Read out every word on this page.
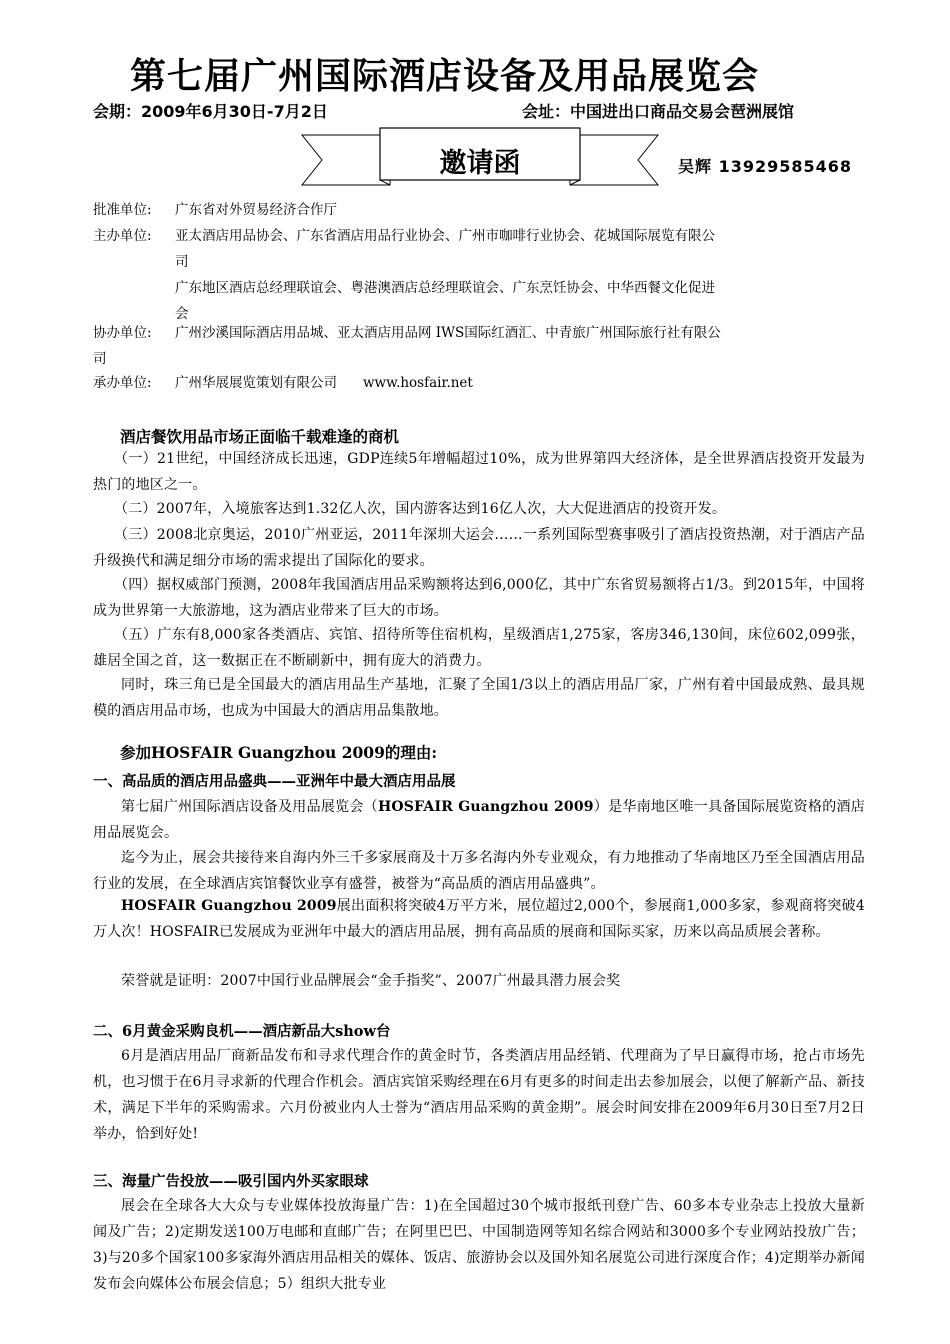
第七届广州国际酒店设备及用品展览会
会期：2009年6月30日-7月2日	会址：中国进出口商品交易会琶洲展馆
邀请函	吴辉 13929585468
批准单位: 广东省对外贸易经济合作厅
主办单位: 亚太酒店用品协会、广东省酒店用品行业协会、广州市咖啡行业协会、花城国际展览有限公
司
广东地区酒店总经理联谊会、粤港澳酒店总经理联谊会、广东烹饪协会、中华西餐文化促进
会
协办单位: 广州沙溪国际酒店用品城、亚太酒店用品网 IWS国际红酒汇、中青旅广州国际旅行社有限公
司
承办单位: 广州华展展览策划有限公司 www.hosfair.net
酒店餐饮用品市场正面临千载难逢的商机
（一）21世纪，中国经济成长迅速，GDP连续5年增幅超过10%，成为世界第四大经济体，是全世界酒店投资开发最为热门的地区之一。
（二）2007年，入境旅客达到1.32亿人次，国内游客达到16亿人次，大大促进酒店的投资开发。
（三）2008北京奥运，2010广州亚运，2011年深圳大运会……一系列国际型赛事吸引了酒店投资热潮，对于酒店产品升级换代和满足细分市场的需求提出了国际化的要求。
（四）据权威部门预测，2008年我国酒店用品采购额将达到6,000亿，其中广东省贸易额将占1/3。到2015年，中国将成为世界第一大旅游地，这为酒店业带来了巨大的市场。
（五）广东有8,000家各类酒店、宾馆、招待所等住宿机构，星级酒店1,275家，客房346,130间，床位602,099张，雄居全国之首，这一数据正在不断刷新中，拥有庞大的消费力。
同时，珠三角已是全国最大的酒店用品生产基地，汇聚了全国1/3以上的酒店用品厂家，广州有着中国最成熟、最具规模的酒店用品市场，也成为中国最大的酒店用品集散地。
参加HOSFAIR Guangzhou 2009的理由:
一、高品质的酒店用品盛典——亚洲年中最大酒店用品展
第七届广州国际酒店设备及用品展览会（HOSFAIR Guangzhou 2009）是华南地区唯一具备国际展览资格的酒店用品展览会。
迄今为止，展会共接待来自海内外三千多家展商及十万多名海内外专业观众，有力地推动了华南地区乃至全国酒店用品行业的发展，在全球酒店宾馆餐饮业享有盛誉，被誉为“高品质的酒店用品盛典”。
HOSFAIR Guangzhou 2009展出面积将突破4万平方米，展位超过2,000个，参展商1,000多家，参观商将突破4万人次！HOSFAIR已发展成为亚洲年中最大的酒店用品展，拥有高品质的展商和国际买家，历来以高品质展会著称。
荣誉就是证明：2007中国行业品牌展会“金手指奖”、2007广州最具潜力展会奖
二、6月黄金采购良机——酒店新品大show台
6月是酒店用品厂商新品发布和寻求代理合作的黄金时节，各类酒店用品经销、代理商为了早日赢得市场，抢占市场先机，也习惯于在6月寻求新的代理合作机会。酒店宾馆采购经理在6月有更多的时间走出去参加展会，以便了解新产品、新技术，满足下半年的采购需求。六月份被业内人士誉为“酒店用品采购的黄金期”。展会时间安排在2009年6月30日至7月2日举办，恰到好处!
三、海量广告投放——吸引国内外买家眼球
展会在全球各大大众与专业媒体投放海量广告：1)在全国超过30个城市报纸刊登广告、60多本专业杂志上投放大量新闻及广告；2)定期发送100万电邮和直邮广告；在阿里巴巴、中国制造网等知名综合网站和3000多个专业网站投放广告；3)与20多个国家100多家海外酒店用品相关的媒体、饭店、旅游协会以及国外知名展览公司进行深度合作；4)定期举办新闻发布会向媒体公布展会信息；5）组织大批专业
